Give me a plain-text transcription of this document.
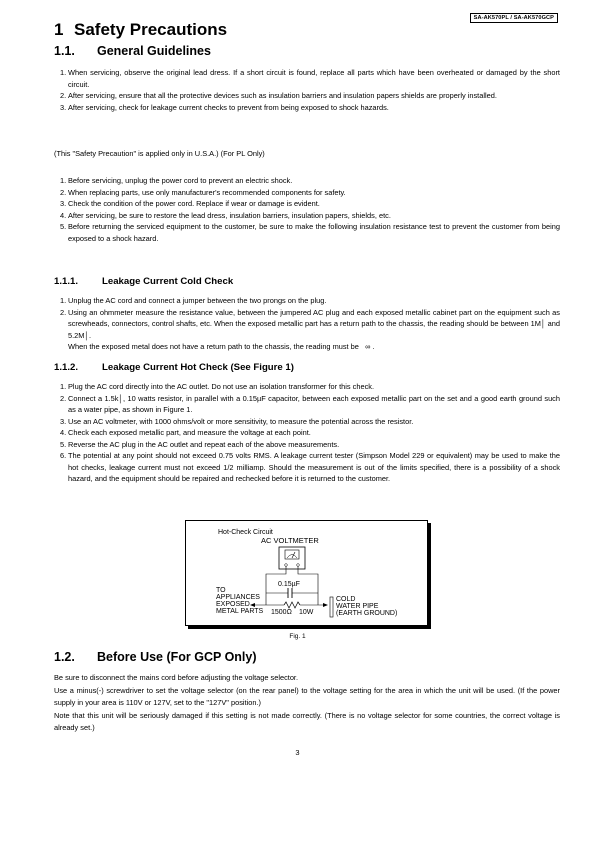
SA-AK570PL / SA-AK570GCP
1 Safety Precautions
1.1. General Guidelines
1. When servicing, observe the original lead dress. If a short circuit is found, replace all parts which have been overheated or damaged by the short circuit.
2. After servicing, ensure that all the protective devices such as insulation barriers and insulation papers shields are properly installed.
3. After servicing, check for leakage current checks to prevent from being exposed to shock hazards.

(This "Safety Precaution" is applied only in U.S.A.) (For PL Only)

1. Before servicing, unplug the power cord to prevent an electric shock.
2. When replacing parts, use only manufacturer's recommended components for safety.
3. Check the condition of the power cord. Replace if wear or damage is evident.
4. After servicing, be sure to restore the lead dress, insulation barriers, insulation papers, shields, etc.
5. Before returning the serviced equipment to the customer, be sure to make the following insulation resistance test to prevent the customer from being exposed to a shock hazard.
1.1.1. Leakage Current Cold Check
1. Unplug the AC cord and connect a jumper between the two prongs on the plug.
2. Using an ohmmeter measure the resistance value, between the jumpered AC plug and each exposed metallic cabinet part on the equipment such as screwheads, connectors, control shafts, etc. When the exposed metallic part has a return path to the chassis, the reading should be between 1M│ and 5.2M│.
When the exposed metal does not have a return path to the chassis, the reading must be ∞ .
1.1.2. Leakage Current Hot Check (See Figure 1)
1. Plug the AC cord directly into the AC outlet. Do not use an isolation transformer for this check.
2. Connect a 1.5k│, 10 watts resistor, in parallel with a 0.15µF capacitor, between each exposed metallic part on the set and a good earth ground such as a water pipe, as shown in Figure 1.
3. Use an AC voltmeter, with 1000 ohms/volt or more sensitivity, to measure the potential across the resistor.
4. Check each exposed metallic part, and measure the voltage at each point.
5. Reverse the AC plug in the AC outlet and repeat each of the above measurements.
6. The potential at any point should not exceed 0.75 volts RMS. A leakage current tester (Simpson Model 229 or equivalent) may be used to make the hot checks, leakage current must not exceed 1/2 milliamp. Should the measurement is out of the limits specified, there is a possibility of a shock hazard, and the equipment should be repaired and rechecked before it is returned to the customer.
Hot-Check Circuit
AC VOLTMETER
0.15µF
TO
APPLIANCES
EXPOSED
METAL PARTS 1500Ω 10W
COLD
WATER PIPE
(EARTH GROUND)
Fig. 1
1.2. Before Use (For GCP Only)

Be sure to disconnect the mains cord before adjusting the voltage selector.

Use a minus(-) screwdriver to set the voltage selector (on the rear panel) to the voltage setting for the area in which the unit will be used. (If the power supply in your area is 110V or 127V, set to the "127V" position.)

Note that this unit will be seriously damaged if this setting is not made correctly. (There is no voltage selector for some countries, the correct voltage is already set.)

3
